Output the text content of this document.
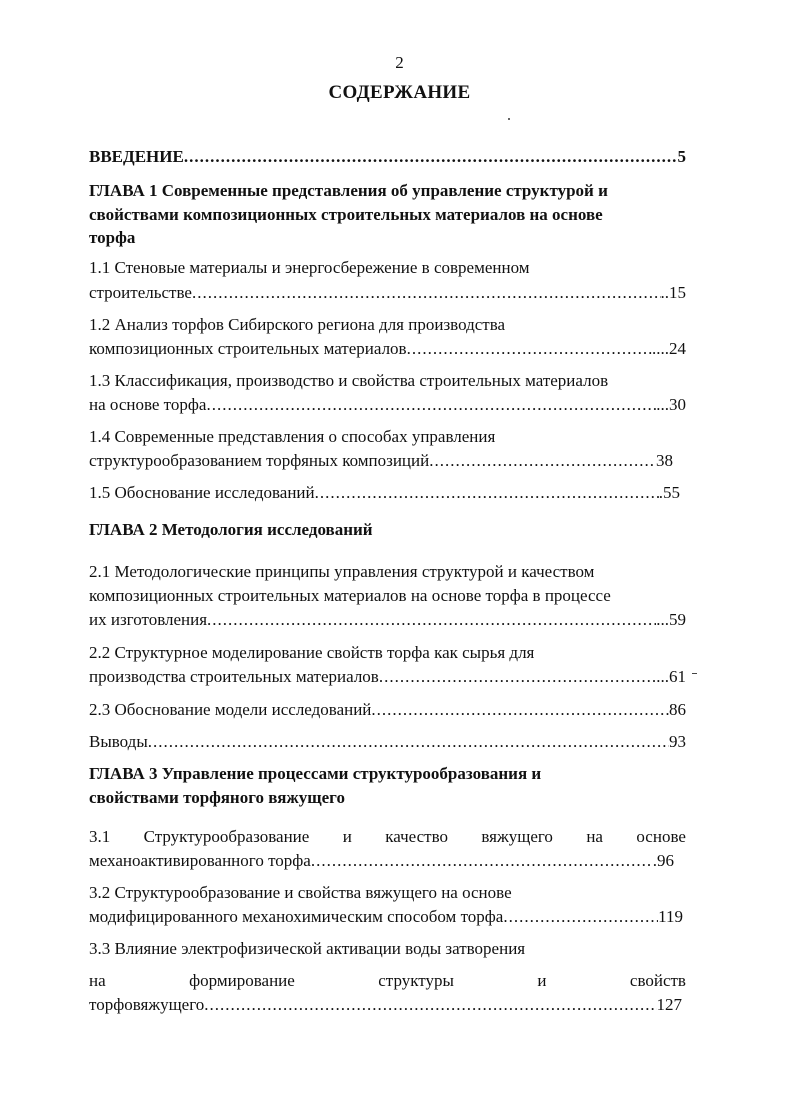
2
СОДЕРЖАНИЕ
ВВЕДЕНИЕ .....	5
ГЛАВА 1 Современные представления об управление структурой и
свойствами композиционных строительных материалов на основе
торфа
1.1 Стеновые материалы и энергосбережение в современном
строительстве .....	..15
1.2 Анализ торфов Сибирского региона для производства
композиционных строительных материалов .....	....24
1.3 Классификация, производство и свойства строительных материалов
на основе торфа .....	...30
1.4 Современные представления о способах управления
структурообразованием торфяных композиций .....	38
1.5 Обоснование исследований .....	.55
ГЛАВА 2 Методология исследований
2.1 Методологические принципы управления структурой и качеством
композиционных строительных материалов на основе торфа в процессе
их изготовления .....	...59
2.2 Структурное моделирование свойств торфа как сырья для
производства строительных материалов .....	...61
2.3 Обоснование модели исследований .....	86
Выводы .....	93
ГЛАВА 3 Управление процессами структурообразования и
свойствами торфяного вяжущего
3.1 Структурообразование и качество вяжущего на основе
механоактивированного торфа .....	.96
3.2 Структурообразование и свойства вяжущего на основе
модифицированного механохимическим способом торфа .....	119
3.3 Влияние электрофизической активации воды затворения
на	формирование	структуры	и	свойств
торфовяжущего .....	127
